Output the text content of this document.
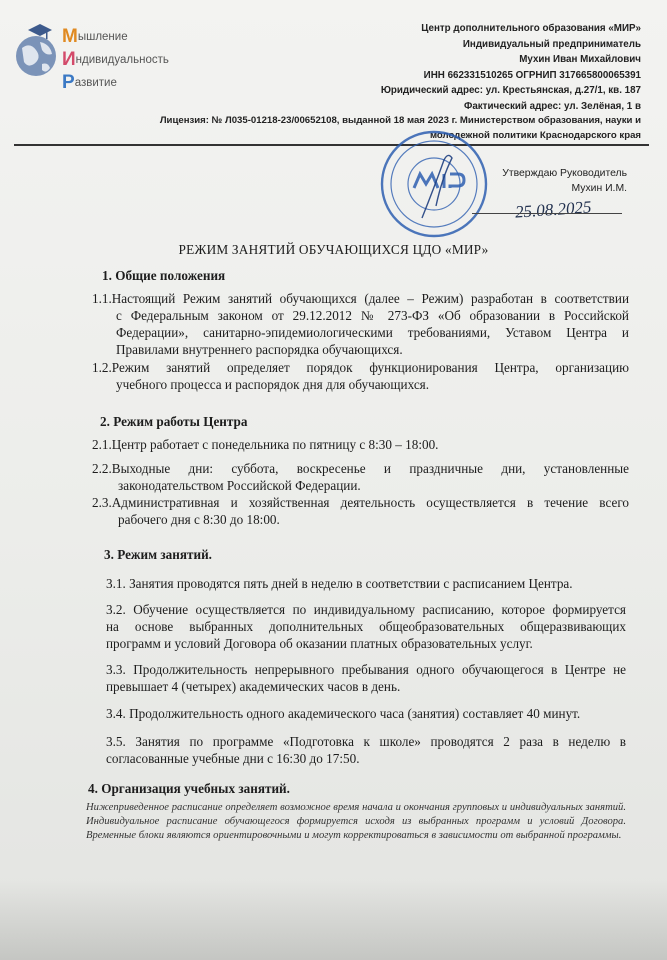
Мышление
Индивидуальность
Развитие
Центр дополнительного образования «МИР»
Индивидуальный предприниматель
Мухин Иван Михайлович
ИНН 662331510265 ОГРНИП 317665800065391
Юридический адрес: ул. Крестьянская, д.27/1, кв. 187
Фактический адрес: ул. Зелёная, 1 в
Лицензия: № Л035-01218-23/00652108, выданной 18 мая 2023 г. Министерством образования, науки и
молодежной политики Краснодарского края
Утверждаю Руководитель
Мухин И.М.
25.08.2025
РЕЖИМ ЗАНЯТИЙ ОБУЧАЮЩИХСЯ ЦДО «МИР»
1. Общие положения
1.1.Настоящий Режим занятий обучающихся (далее – Режим) разработан в соответствии
с Федеральным законом от 29.12.2012 № 273-ФЗ «Об образовании в Российской
Федерации», санитарно-эпидемиологическими требованиями, Уставом Центра и
Правилами внутреннего распорядка обучающихся.
1.2.Режим занятий определяет порядок функционирования Центра, организацию
учебного процесса и распорядок дня для обучающихся.
2. Режим работы Центра
2.1.Центр работает с понедельника по пятницу с 8:30 – 18:00.
2.2.Выходные дни: суббота, воскресенье и праздничные дни, установленные
законодательством Российской Федерации.
2.3.Административная и хозяйственная деятельность осуществляется в течение всего
рабочего дня с 8:30 до 18:00.
3. Режим занятий.
3.1. Занятия проводятся пять дней в неделю в соответствии с расписанием Центра.
3.2. Обучение осуществляется по индивидуальному расписанию, которое формируется
на основе выбранных дополнительных общеобразовательных общеразвивающих
программ и условий Договора об оказании платных образовательных услуг.
3.3. Продолжительность непрерывного пребывания одного обучающегося в Центре не
превышает 4 (четырех) академических часов в день.
3.4. Продолжительность одного академического часа (занятия) составляет 40 минут.
3.5. Занятия по программе «Подготовка к школе» проводятся 2 раза в неделю в
согласованные учебные дни с 16:30 до 17:50.
4. Организация учебных занятий.
Нижеприведенное расписание определяет возможное время начала и окончания групповых и индивидуальных занятий. Индивидуальное расписание обучающегося формируется исходя из выбранных программ и условий Договора. Временные блоки являются ориентировочными и могут корректироваться в зависимости от выбранной программы.
